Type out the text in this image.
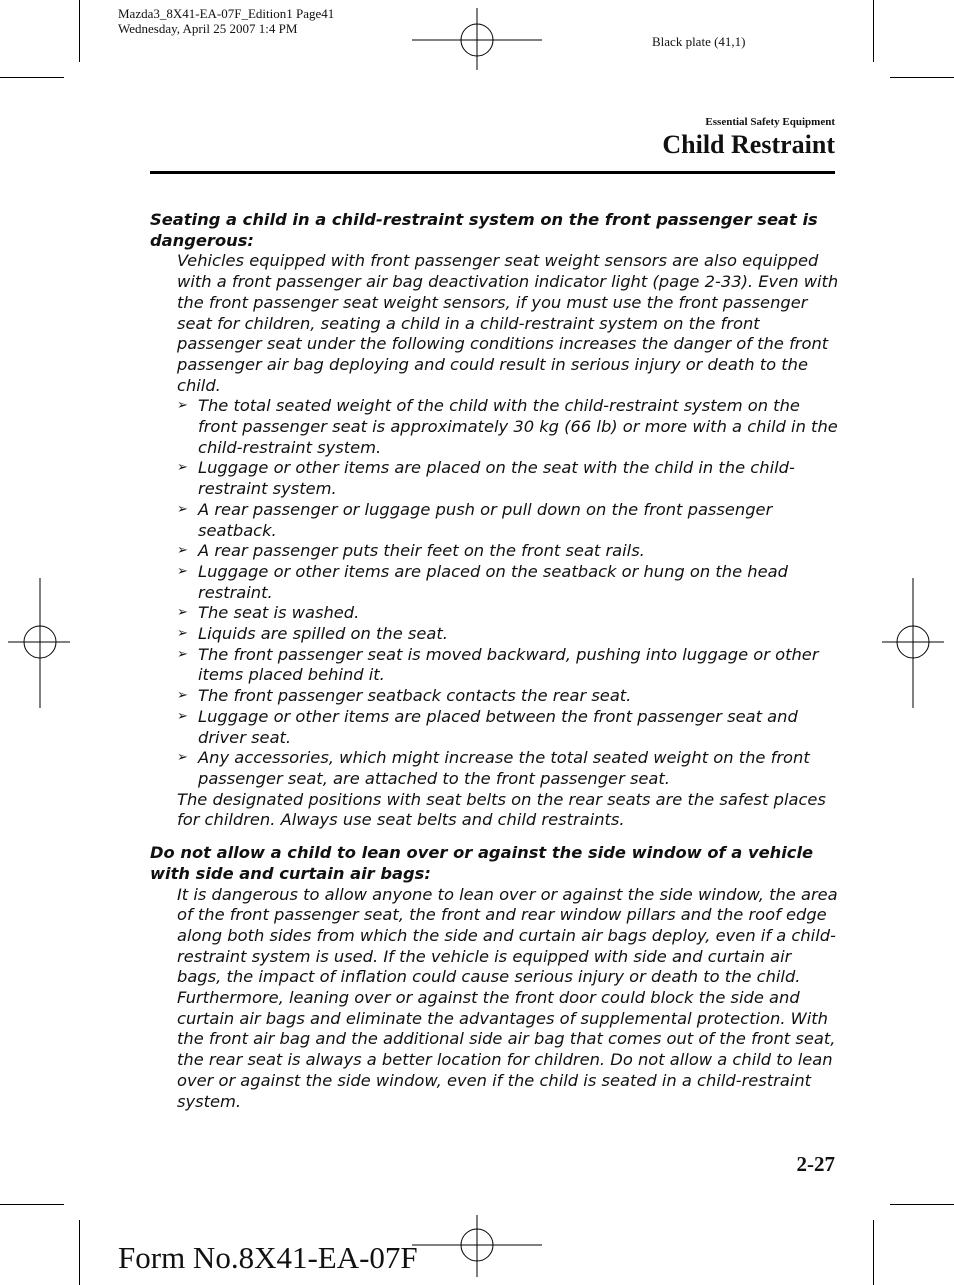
Mazda3_8X41-EA-07F_Edition1 Page41
Wednesday, April 25 2007 1:4 PM
Black plate (41,1)
Essential Safety Equipment
Child Restraint
Seating a child in a child-restraint system on the front passenger seat is dangerous:
Vehicles equipped with front passenger seat weight sensors are also equipped with a front passenger air bag deactivation indicator light (page 2-33). Even with the front passenger seat weight sensors, if you must use the front passenger seat for children, seating a child in a child-restraint system on the front passenger seat under the following conditions increases the danger of the front passenger air bag deploying and could result in serious injury or death to the child.
➢ The total seated weight of the child with the child-restraint system on the front passenger seat is approximately 30 kg (66 lb) or more with a child in the child-restraint system.
➢ Luggage or other items are placed on the seat with the child in the child-restraint system.
➢ A rear passenger or luggage push or pull down on the front passenger seatback.
➢ A rear passenger puts their feet on the front seat rails.
➢ Luggage or other items are placed on the seatback or hung on the head restraint.
➢ The seat is washed.
➢ Liquids are spilled on the seat.
➢ The front passenger seat is moved backward, pushing into luggage or other items placed behind it.
➢ The front passenger seatback contacts the rear seat.
➢ Luggage or other items are placed between the front passenger seat and driver seat.
➢ Any accessories, which might increase the total seated weight on the front passenger seat, are attached to the front passenger seat.
The designated positions with seat belts on the rear seats are the safest places for children. Always use seat belts and child restraints.
Do not allow a child to lean over or against the side window of a vehicle with side and curtain air bags:
It is dangerous to allow anyone to lean over or against the side window, the area of the front passenger seat, the front and rear window pillars and the roof edge along both sides from which the side and curtain air bags deploy, even if a child-restraint system is used. If the vehicle is equipped with side and curtain air bags, the impact of inflation could cause serious injury or death to the child. Furthermore, leaning over or against the front door could block the side and curtain air bags and eliminate the advantages of supplemental protection. With the front air bag and the additional side air bag that comes out of the front seat, the rear seat is always a better location for children. Do not allow a child to lean over or against the side window, even if the child is seated in a child-restraint system.
2-27
Form No.8X41-EA-07F
